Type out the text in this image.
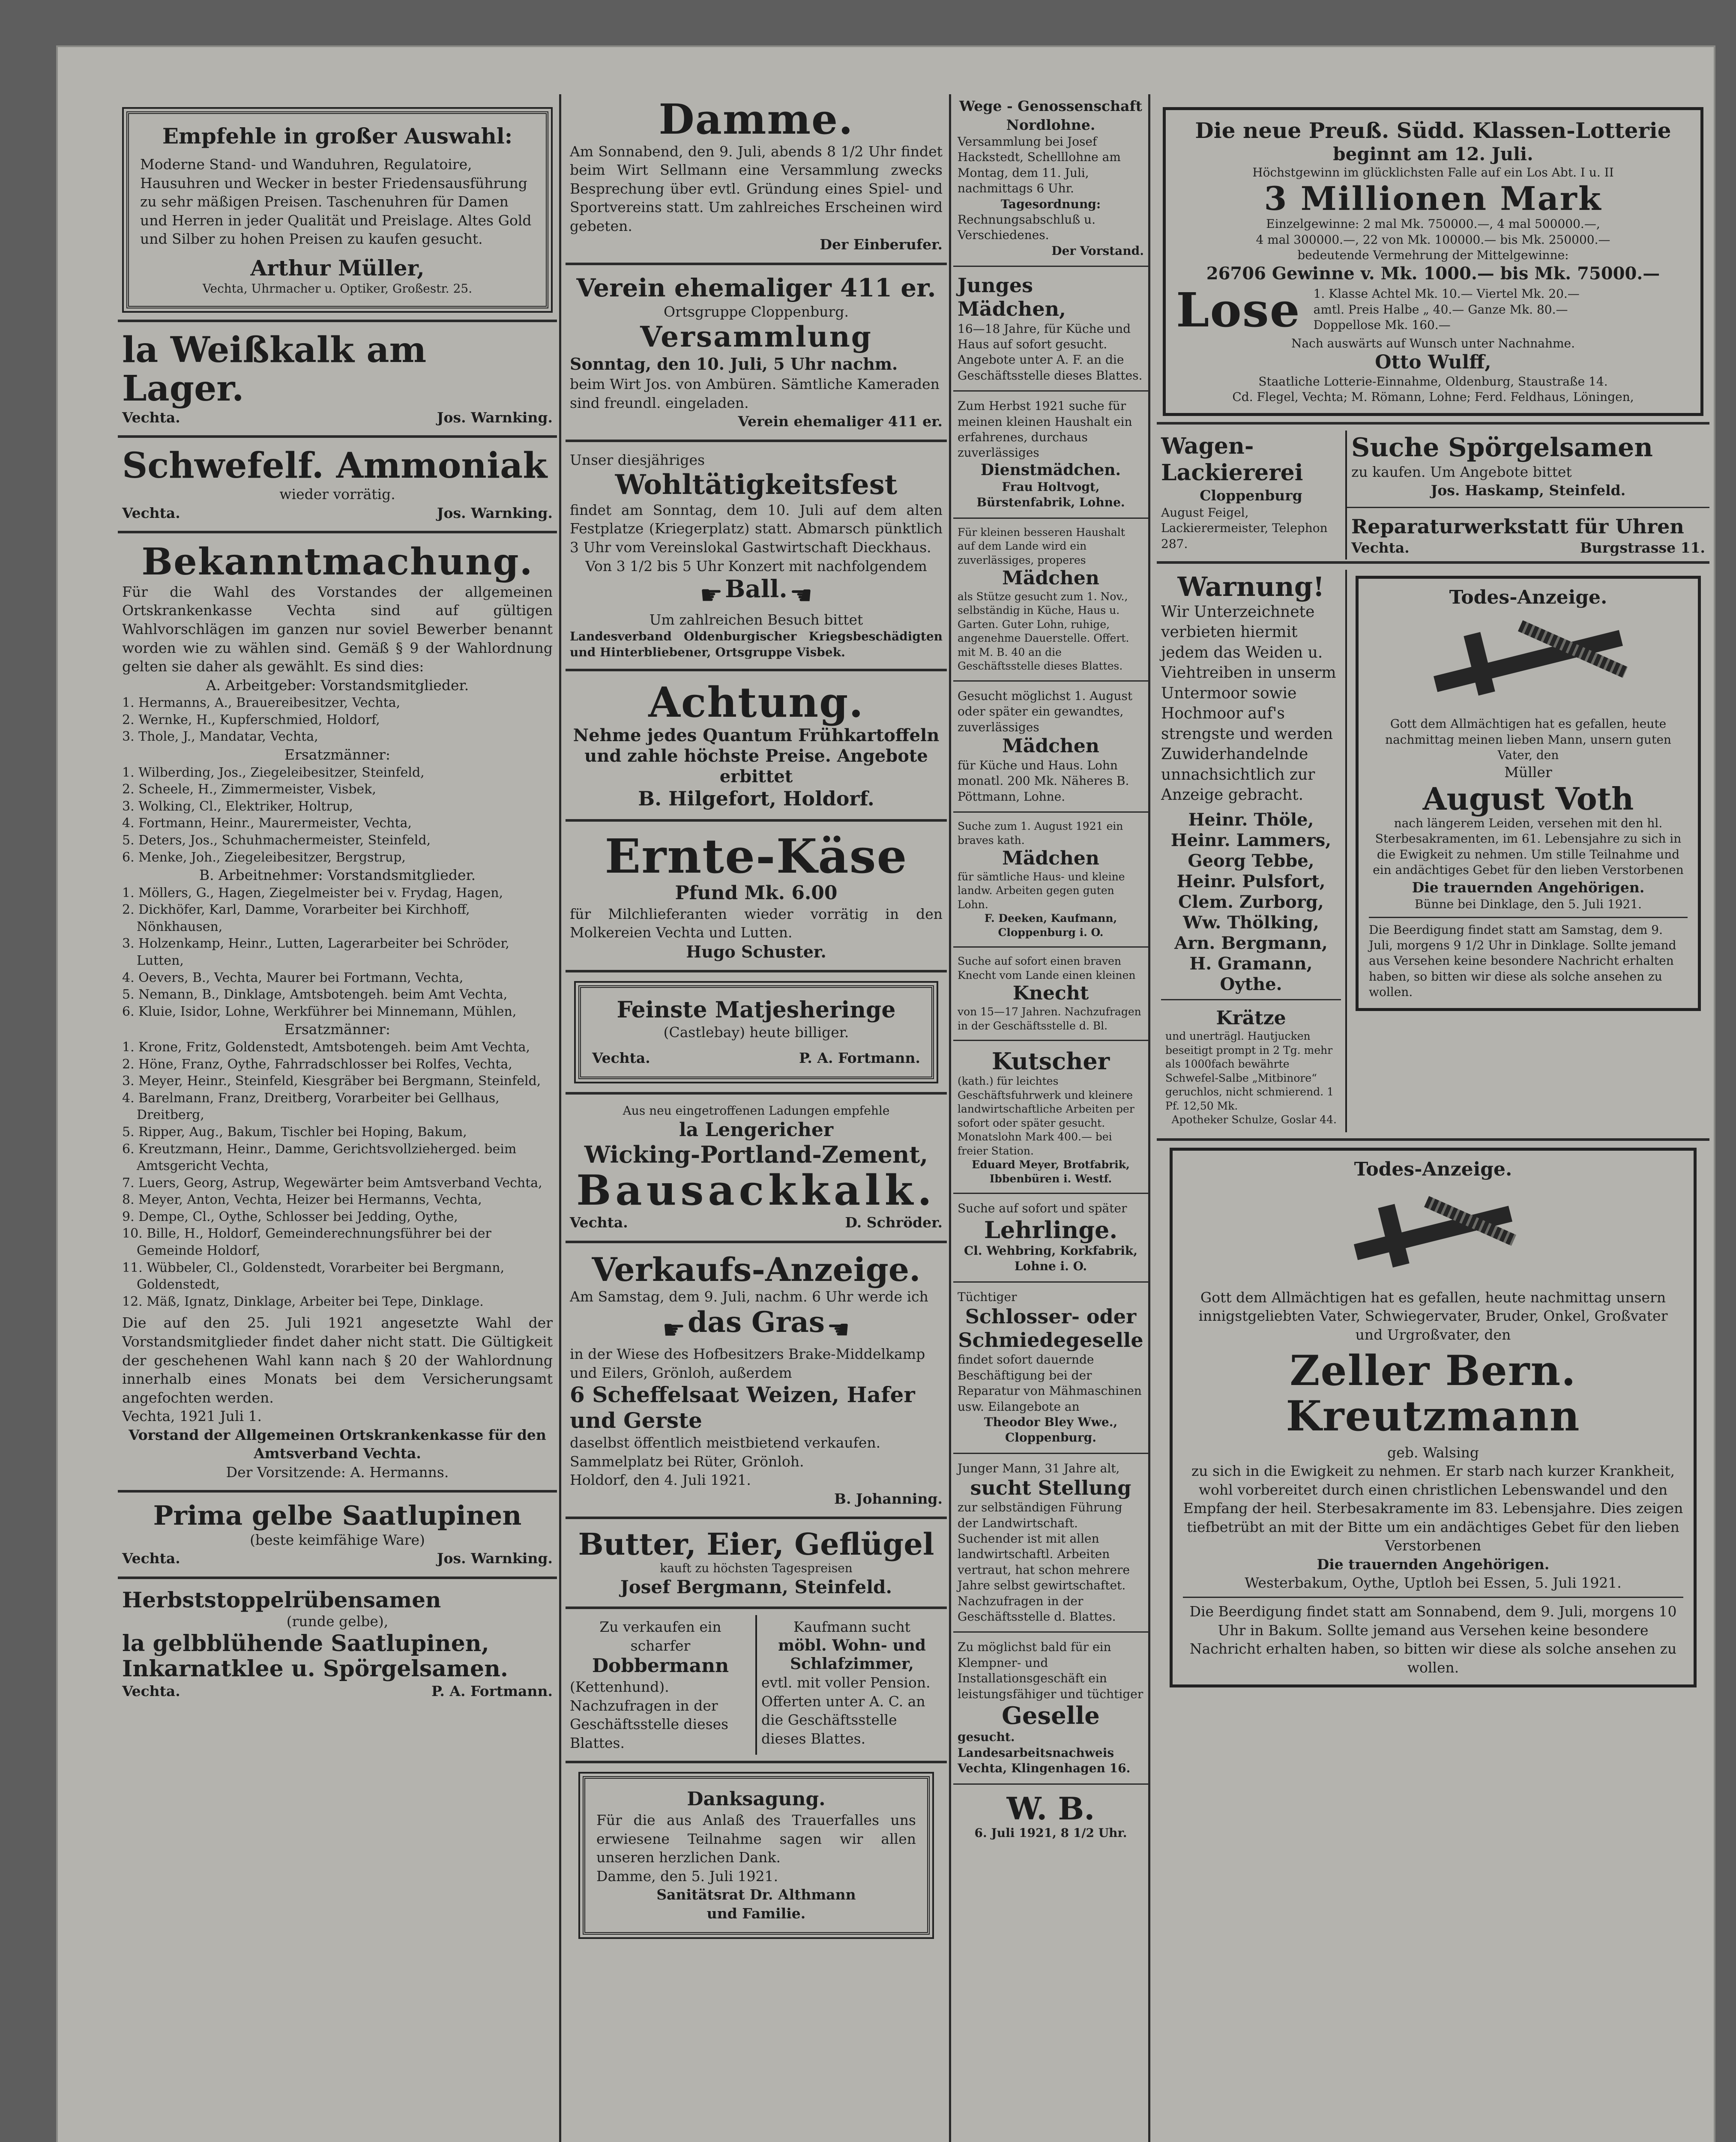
Empfehle in großer Auswahl:
Moderne Stand- und Wanduhren, Regulatoire, Hausuhren und Wecker in bester Friedensausführung zu sehr mäßigen Preisen. Taschenuhren für Damen und Herren in jeder Qualität und Preislage. Altes Gold und Silber zu hohen Preisen zu kaufen gesucht.
Arthur Müller,
Vechta, Uhrmacher u. Optiker, Großestr. 25.
la Weißkalk am Lager.
Vechta.	Jos. Warnking.
Schwefelf. Ammoniak
wieder vorrätig.
Vechta.	Jos. Warnking.
Bekanntmachung.
Für die Wahl des Vorstandes der allgemeinen Ortskrankenkasse Vechta sind auf gültigen Wahlvorschlägen im ganzen nur soviel Bewerber benannt worden wie zu wählen sind. Gemäß § 9 der Wahlordnung gelten sie daher als gewählt. Es sind dies:
A. Arbeitgeber: Vorstandsmitglieder.
1. Hermanns, A., Brauereibesitzer, Vechta,
2. Wernke, H., Kupferschmied, Holdorf,
3. Thole, J., Mandatar, Vechta,
Ersatzmänner:
1. Wilberding, Jos., Ziegeleibesitzer, Steinfeld,
2. Scheele, H., Zimmermeister, Visbek,
3. Wolking, Cl., Elektriker, Holtrup,
4. Fortmann, Heinr., Maurermeister, Vechta,
5. Deters, Jos., Schuhmachermeister, Steinfeld,
6. Menke, Joh., Ziegeleibesitzer, Bergstrup,
B. Arbeitnehmer: Vorstandsmitglieder.
1. Möllers, G., Hagen, Ziegelmeister bei v. Frydag, Hagen,
2. Dickhöfer, Karl, Damme, Vorarbeiter bei Kirchhoff, Nönkhausen,
3. Holzenkamp, Heinr., Lutten, Lagerarbeiter bei Schröder, Lutten,
4. Oevers, B., Vechta, Maurer bei Fortmann, Vechta,
5. Nemann, B., Dinklage, Amtsbotengeh. beim Amt Vechta,
6. Kluie, Isidor, Lohne, Werkführer bei Minnemann, Mühlen,
Ersatzmänner:
1. Krone, Fritz, Goldenstedt, Amtsbotengeh. beim Amt Vechta,
2. Höne, Franz, Oythe, Fahrradschlosser bei Rolfes, Vechta,
3. Meyer, Heinr., Steinfeld, Kiesgräber bei Bergmann, Steinfeld,
4. Barelmann, Franz, Dreitberg, Vorarbeiter bei Gellhaus, Dreitberg,
5. Ripper, Aug., Bakum, Tischler bei Hoping, Bakum,
6. Kreutzmann, Heinr., Damme, Gerichtsvollzieherged. beim Amtsgericht Vechta,
7. Luers, Georg, Astrup, Wegewärter beim Amtsverband Vechta,
8. Meyer, Anton, Vechta, Heizer bei Hermanns, Vechta,
9. Dempe, Cl., Oythe, Schlosser bei Jedding, Oythe,
10. Bille, H., Holdorf, Gemeinderechnungsführer bei der Gemeinde Holdorf,
11. Wübbeler, Cl., Goldenstedt, Vorarbeiter bei Bergmann, Goldenstedt,
12. Mäß, Ignatz, Dinklage, Arbeiter bei Tepe, Dinklage.
Die auf den 25. Juli 1921 angesetzte Wahl der Vorstandsmitglieder findet daher nicht statt. Die Gültigkeit der geschehenen Wahl kann nach § 20 der Wahlordnung innerhalb eines Monats bei dem Versicherungsamt angefochten werden.
Vechta, 1921 Juli 1.
Vorstand der Allgemeinen Ortskrankenkasse für den Amtsverband Vechta.
Der Vorsitzende: A. Hermanns.
Prima gelbe Saatlupinen
(beste keimfähige Ware)
Vechta.	Jos. Warnking.
Herbststoppelrübensamen
(runde gelbe),
la gelbblühende Saatlupinen,
Inkarnatklee u. Spörgelsamen.
Vechta.	P. A. Fortmann.
Damme.
Am Sonnabend, den 9. Juli, abends 8 1/2 Uhr findet beim Wirt Sellmann eine Versammlung zwecks Besprechung über evtl. Gründung eines Spiel- und Sportvereins statt. Um zahlreiches Erscheinen wird gebeten.
Der Einberufer.
Verein ehemaliger 411 er.
Ortsgruppe Cloppenburg.
Versammlung
Sonntag, den 10. Juli, 5 Uhr nachm.
beim Wirt Jos. von Ambüren. Sämtliche Kameraden sind freundl. eingeladen.
Verein ehemaliger 411 er.
Unser diesjähriges
Wohltätigkeitsfest
findet am Sonntag, dem 10. Juli auf dem alten Festplatze (Kriegerplatz) statt. Abmarsch pünktlich 3 Uhr vom Vereinslokal Gastwirtschaft Dieckhaus.
Von 3 1/2 bis 5 Uhr Konzert mit nachfolgendem
☛ Ball. ☛
Um zahlreichen Besuch bittet
Landesverband Oldenburgischer Kriegsbeschädigten und Hinterbliebener, Ortsgruppe Visbek.
Achtung.
Nehme jedes Quantum Frühkartoffeln
und zahle höchste Preise. Angebote erbittet
B. Hilgefort, Holdorf.
Ernte-Käse
Pfund Mk. 6.00
für Milchlieferanten wieder vorrätig in den Molkereien Vechta und Lutten.
Hugo Schuster.
Feinste Matjesheringe
(Castlebay) heute billiger.
Vechta.	P. A. Fortmann.
Aus neu eingetroffenen Ladungen empfehle
la Lengericher
Wicking-Portland-Zement,
Bausackkalk.
Vechta.	D. Schröder.
Verkaufs-Anzeige.
Am Samstag, dem 9. Juli, nachm. 6 Uhr werde ich
☛ das Gras ☛
in der Wiese des Hofbesitzers Brake-Middelkamp und Eilers, Grönloh, außerdem
6 Scheffelsaat Weizen, Hafer und Gerste
daselbst öffentlich meistbietend verkaufen. Sammelplatz bei Rüter, Grönloh.
Holdorf, den 4. Juli 1921.
B. Johanning.
Butter, Eier, Geflügel
kauft zu höchsten Tagespreisen
Josef Bergmann, Steinfeld.
Zu verkaufen ein scharfer
Dobbermann
(Kettenhund). Nachzufragen in der Geschäftsstelle dieses Blattes.
Kaufmann sucht
möbl. Wohn- und Schlafzimmer,
evtl. mit voller Pension. Offerten unter A. C. an die Geschäftsstelle dieses Blattes.
Danksagung.
Für die aus Anlaß des Trauerfalles uns erwiesene Teilnahme sagen wir allen unseren herzlichen Dank.
Damme, den 5. Juli 1921.
Sanitätsrat Dr. Althmann
und Familie.
Wege - Genossenschaft Nordlohne.
Versammlung bei Josef Hackstedt, Schelllohne am Montag, dem 11. Juli, nachmittags 6 Uhr.
Tagesordnung:
Rechnungsabschluß u. Verschiedenes.
Der Vorstand.
Junges Mädchen,
16—18 Jahre, für Küche und Haus auf sofort gesucht. Angebote unter A. F. an die Geschäftsstelle dieses Blattes.
Zum Herbst 1921 suche für meinen kleinen Haushalt ein erfahrenes, durchaus zuverlässiges
Dienstmädchen.
Frau Holtvogt,
Bürstenfabrik, Lohne.
Für kleinen besseren Haushalt auf dem Lande wird ein zuverlässiges, properes
Mädchen
als Stütze gesucht zum 1. Nov., selbständig in Küche, Haus u. Garten. Guter Lohn, ruhige, angenehme Dauerstelle. Offert. mit M. B. 40 an die Geschäftsstelle dieses Blattes.
Gesucht möglichst 1. August oder später ein gewandtes, zuverlässiges
Mädchen
für Küche und Haus. Lohn monatl. 200 Mk. Näheres B. Pöttmann, Lohne.
Suche zum 1. August 1921 ein braves kath.
Mädchen
für sämtliche Haus- und kleine landw. Arbeiten gegen guten Lohn.
F. Deeken, Kaufmann, Cloppenburg i. O.
Suche auf sofort einen braven Knecht vom Lande einen kleinen
Knecht
von 15—17 Jahren. Nachzufragen in der Geschäftsstelle d. Bl.
Kutscher
(kath.) für leichtes Geschäftsfuhrwerk und kleinere landwirtschaftliche Arbeiten per sofort oder später gesucht. Monatslohn Mark 400.— bei freier Station.
Eduard Meyer, Brotfabrik, Ibbenbüren i. Westf.
Suche auf sofort und später
Lehrlinge.
Cl. Wehbring, Korkfabrik, Lohne i. O.
Tüchtiger
Schlosser- oder Schmiedegeselle
findet sofort dauernde Beschäftigung bei der Reparatur von Mähmaschinen usw. Eilangebote an
Theodor Bley Wwe., Cloppenburg.
Junger Mann, 31 Jahre alt,
sucht Stellung
zur selbständigen Führung der Landwirtschaft. Suchender ist mit allen landwirtschaftl. Arbeiten vertraut, hat schon mehrere Jahre selbst gewirtschaftet. Nachzufragen in der Geschäftsstelle d. Blattes.
Zu möglichst bald für ein Klempner- und Installationsgeschäft ein leistungsfähiger und tüchtiger
Geselle
gesucht. Landesarbeitsnachweis Vechta, Klingenhagen 16.
W. B.
6. Juli 1921, 8 1/2 Uhr.
Die neue Preuß. Südd. Klassen-Lotterie
beginnt am 12. Juli.
Höchstgewinn im glücklichsten Falle auf ein Los Abt. I u. II
3 Millionen Mark
Einzelgewinne: 2 mal Mk. 750000.—, 4 mal 500000.—,
4 mal 300000.—, 22 von Mk. 100000.— bis Mk. 250000.—
bedeutende Vermehrung der Mittelgewinne:
26706 Gewinne v. Mk. 1000.— bis Mk. 75000.—
Lose	1. Klasse Achtel Mk. 10.— Viertel Mk. 20.—
amtl. Preis Halbe „ 40.— Ganze Mk. 80.—
Doppellose Mk. 160.—
Nach auswärts auf Wunsch unter Nachnahme.
Otto Wulff,
Staatliche Lotterie-Einnahme, Oldenburg, Staustraße 14.
Cd. Flegel, Vechta; M. Römann, Lohne; Ferd. Feldhaus, Löningen,
Wagen-
Lackiererei
Cloppenburg
August Feigel, Lackierermeister, Telephon 287.
Suche Spörgelsamen
zu kaufen. Um Angebote bittet
Jos. Haskamp, Steinfeld.
Reparaturwerkstatt für Uhren
Vechta.	Burgstrasse 11.
Warnung!
Wir Unterzeichnete verbieten hiermit jedem das Weiden u. Viehtreiben in unserm Untermoor sowie Hochmoor auf's strengste und werden Zuwiderhandelnde unnachsichtlich zur Anzeige gebracht.
Heinr. Thöle,
Heinr. Lammers,
Georg Tebbe,
Heinr. Pulsfort,
Clem. Zurborg,
Ww. Thölking,
Arn. Bergmann,
H. Gramann,
Oythe.
Krätze
und unerträgl. Hautjucken beseitigt prompt in 2 Tg. mehr als 1000fach bewährte Schwefel-Salbe „Mitbinore“ geruchlos, nicht schmierend. 1 Pf. 12,50 Mk.
Apotheker Schulze, Goslar 44.
Todes-Anzeige.
Gott dem Allmächtigen hat es gefallen, heute nachmittag meinen lieben Mann, unsern guten Vater, den
Müller
August Voth
nach längerem Leiden, versehen mit den hl. Sterbesakramenten, im 61. Lebensjahre zu sich in die Ewigkeit zu nehmen. Um stille Teilnahme und ein andächtiges Gebet für den lieben Verstorbenen
Die trauernden Angehörigen.
Bünne bei Dinklage, den 5. Juli 1921.
Die Beerdigung findet statt am Samstag, dem 9. Juli, morgens 9 1/2 Uhr in Dinklage. Sollte jemand aus Versehen keine besondere Nachricht erhalten haben, so bitten wir diese als solche ansehen zu wollen.
Todes-Anzeige.
Gott dem Allmächtigen hat es gefallen, heute nachmittag unsern innigstgeliebten Vater, Schwiegervater, Bruder, Onkel, Großvater und Urgroßvater, den
Zeller Bern. Kreutzmann
geb. Walsing
zu sich in die Ewigkeit zu nehmen. Er starb nach kurzer Krankheit, wohl vorbereitet durch einen christlichen Lebenswandel und den Empfang der heil. Sterbesakramente im 83. Lebensjahre. Dies zeigen tiefbetrübt an mit der Bitte um ein andächtiges Gebet für den lieben Verstorbenen
Die trauernden Angehörigen.
Westerbakum, Oythe, Uptloh bei Essen, 5. Juli 1921.
Die Beerdigung findet statt am Sonnabend, dem 9. Juli, morgens 10 Uhr in Bakum. Sollte jemand aus Versehen keine besondere Nachricht erhalten haben, so bitten wir diese als solche ansehen zu wollen.
